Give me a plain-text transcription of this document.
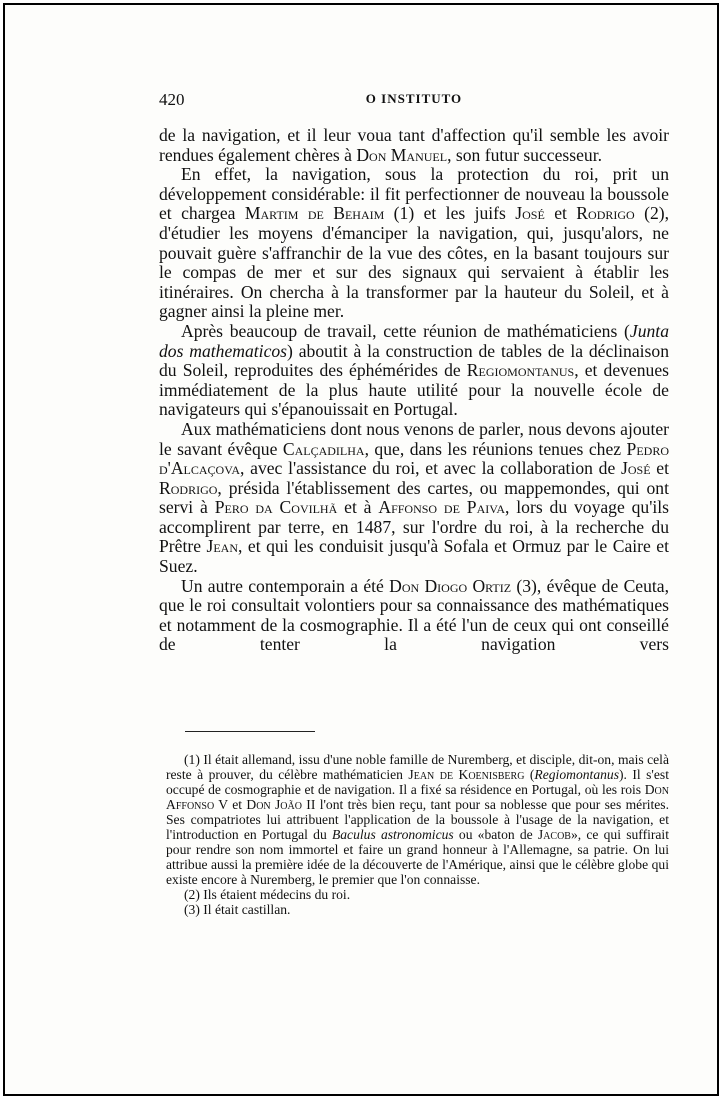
420	O INSTITUTO

de la navigation, et il leur voua tant d'affection qu'il semble les avoir rendues également chères à Don Manuel, son futur successeur.

En effet, la navigation, sous la protection du roi, prit un développement considérable: il fit perfectionner de nouveau la boussole et chargea Martim de Behaim (1) et les juifs José et Rodrigo (2), d'étudier les moyens d'émanciper la navigation, qui, jusqu'alors, ne pouvait guère s'affranchir de la vue des côtes, en la basant toujours sur le compas de mer et sur des signaux qui servaient à établir les itinéraires. On chercha à la transformer par la hauteur du Soleil, et à gagner ainsi la pleine mer.

Après beaucoup de travail, cette réunion de mathématiciens (Junta dos mathematicos) aboutit à la construction de tables de la déclinaison du Soleil, reproduites des éphémérides de Regiomontanus, et devenues immédiatement de la plus haute utilité pour la nouvelle école de navigateurs qui s'épanouissait en Portugal.

Aux mathématiciens dont nous venons de parler, nous devons ajouter le savant évêque Calçadilha, que, dans les réunions tenues chez Pedro d'Alcaçova, avec l'assistance du roi, et avec la collaboration de José et Rodrigo, présida l'établissement des cartes, ou mappemondes, qui ont servi à Pero da Covilhã et à Affonso de Paiva, lors du voyage qu'ils accomplirent par terre, en 1487, sur l'ordre du roi, à la recherche du Prêtre Jean, et qui les conduisit jusqu'à Sofala et Ormuz par le Caire et Suez.

Un autre contemporain a été Don Diogo Ortiz (3), évêque de Ceuta, que le roi consultait volontiers pour sa connaissance des mathématiques et notamment de la cosmographie. Il a été l'un de ceux qui ont conseillé de tenter la navigation vers

(1) Il était allemand, issu d'une noble famille de Nuremberg, et disciple, dit-on, mais celà reste à prouver, du célèbre mathématicien Jean de Koenisberg (Regiomontanus). Il s'est occupé de cosmographie et de navigation. Il a fixé sa résidence en Portugal, où les rois Don Affonso V et Don João II l'ont très bien reçu, tant pour sa noblesse que pour ses mérites. Ses compatriotes lui attribuent l'application de la boussole à l'usage de la navigation, et l'introduction en Portugal du Baculus astronomicus ou «baton de Jacob», ce qui suffirait pour rendre son nom immortel et faire un grand honneur à l'Allemagne, sa patrie. On lui attribue aussi la première idée de la découverte de l'Amérique, ainsi que le célèbre globe qui existe encore à Nuremberg, le premier que l'on connaisse.

(2) Ils étaient médecins du roi.

(3) Il était castillan.
